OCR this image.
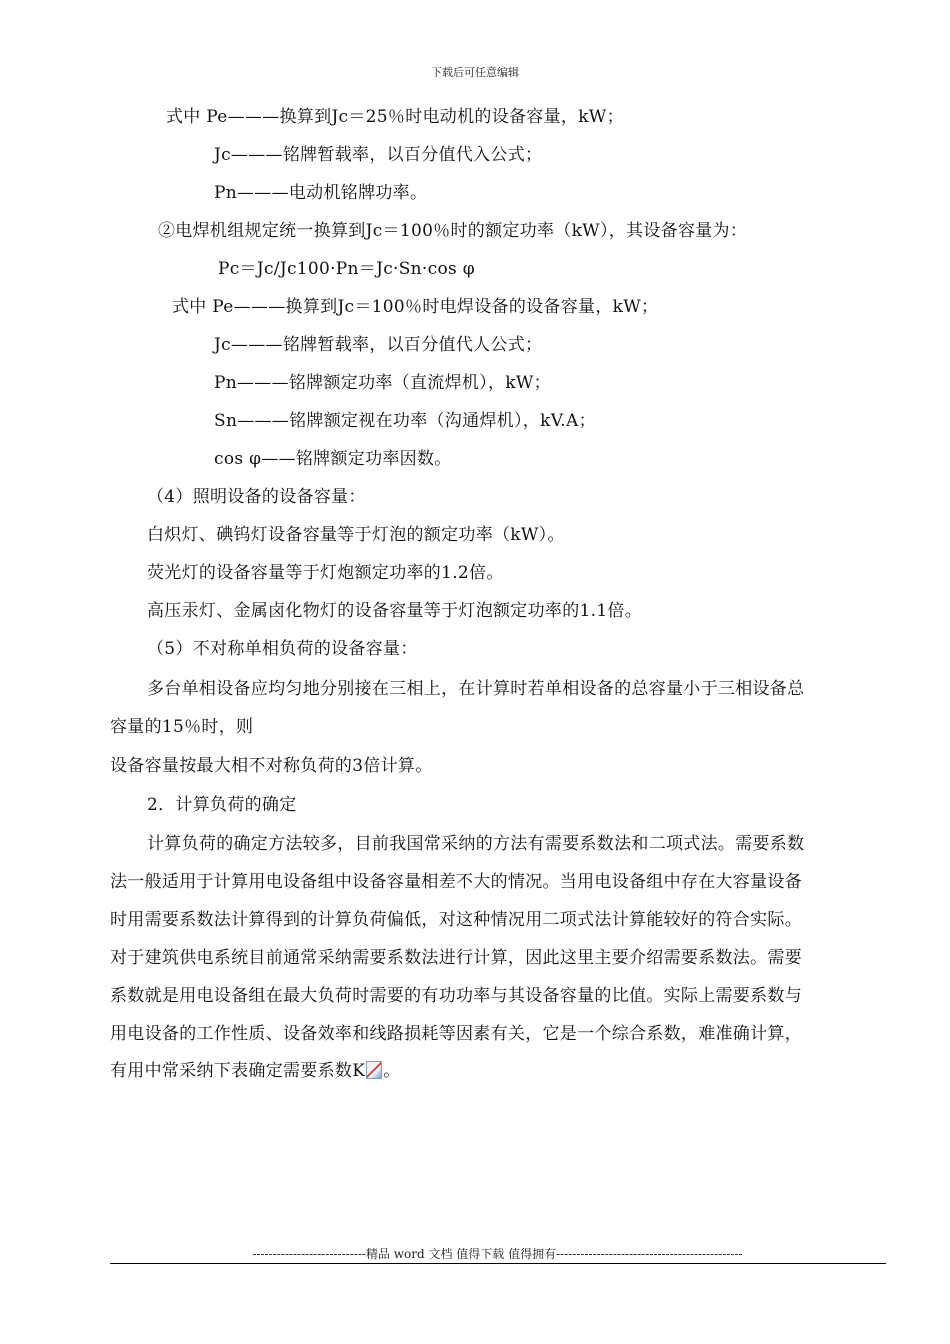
下载后可任意编辑
式中 Pe———换算到Jc＝25％时电动机的设备容量，kW；
Jc———铭牌暂载率，以百分值代入公式；
Pn———电动机铭牌功率。
②电焊机组规定统一换算到Jc＝100％时的额定功率（kW），其设备容量为：
Pc＝Jc/Jc100·Pn＝Jc·Sn·cos φ
式中 Pe———换算到Jc＝100％时电焊设备的设备容量，kW；
Jc———铭牌暂载率，以百分值代人公式；
Pn———铭牌额定功率（直流焊机），kW；
Sn———铭牌额定视在功率（沟通焊机），kV.A；
cos φ——铭牌额定功率因数。
（4）照明设备的设备容量：
白炽灯、碘钨灯设备容量等于灯泡的额定功率（kW）。
荧光灯的设备容量等于灯炮额定功率的1.2倍。
高压汞灯、金属卤化物灯的设备容量等于灯泡额定功率的1.1倍。
（5）不对称单相负荷的设备容量：
多台单相设备应均匀地分别接在三相上，在计算时若单相设备的总容量小于三相设备总
容量的15％时，则
设备容量按最大相不对称负荷的3倍计算。
2．计算负荷的确定
计算负荷的确定方法较多，目前我国常采纳的方法有需要系数法和二项式法。需要系数
法一般适用于计算用电设备组中设备容量相差不大的情况。当用电设备组中存在大容量设备
时用需要系数法计算得到的计算负荷偏低，对这种情况用二项式法计算能较好的符合实际。
对于建筑供电系统目前通常采纳需要系数法进行计算，因此这里主要介绍需要系数法。需要
系数就是用电设备组在最大负荷时需要的有功功率与其设备容量的比值。实际上需要系数与
用电设备的工作性质、设备效率和线路损耗等因素有关，它是一个综合系数，难准确计算，
有用中常采纳下表确定需要系数K 。
----------------------------精品 word 文档 值得下载 值得拥有----------------------------------------------
